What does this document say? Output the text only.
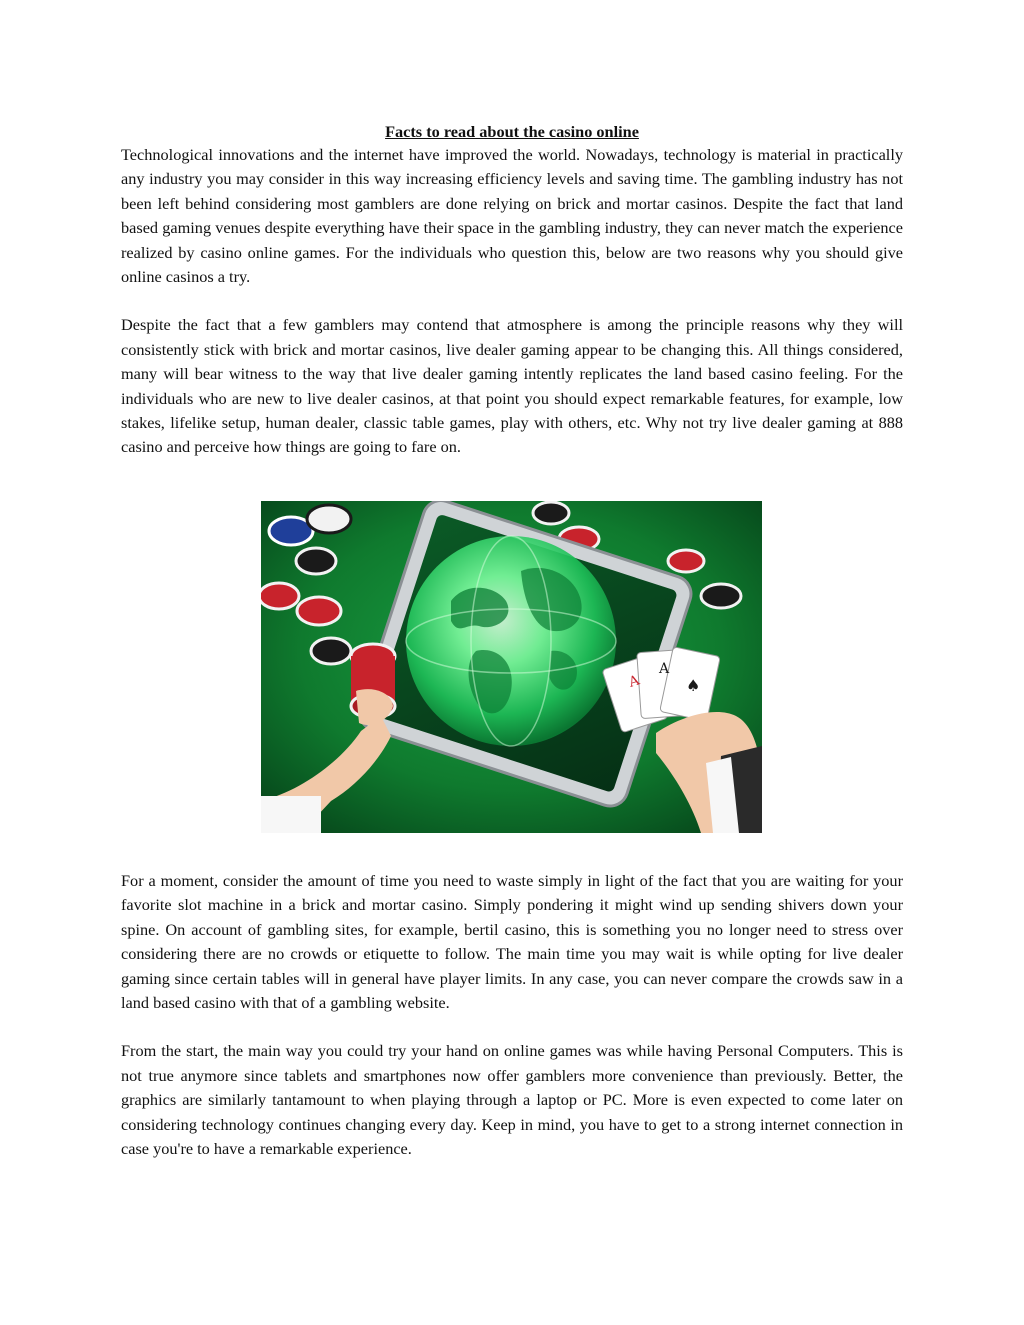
Facts to read about the casino online

Technological innovations and the internet have improved the world. Nowadays, technology is material in practically any industry you may consider in this way increasing efficiency levels and saving time. The gambling industry has not been left behind considering most gamblers are done relying on brick and mortar casinos. Despite the fact that land based gaming venues despite everything have their space in the gambling industry, they can never match the experience realized by casino online games. For the individuals who question this, below are two reasons why you should give online casinos a try.

Despite the fact that a few gamblers may contend that atmosphere is among the principle reasons why they will consistently stick with brick and mortar casinos, live dealer gaming appear to be changing this. All things considered, many will bear witness to the way that live dealer gaming intently replicates the land based casino feeling. For the individuals who are new to live dealer casinos, at that point you should expect remarkable features, for example, low stakes, lifelike setup, human dealer, classic table games, play with others, etc. Why not try live dealer gaming at 888 casino and perceive how things are going to fare on.

A
A
♠

For a moment, consider the amount of time you need to waste simply in light of the fact that you are waiting for your favorite slot machine in a brick and mortar casino. Simply pondering it might wind up sending shivers down your spine. On account of gambling sites, for example, bertil casino, this is something you no longer need to stress over considering there are no crowds or etiquette to follow. The main time you may wait is while opting for live dealer gaming since certain tables will in general have player limits. In any case, you can never compare the crowds saw in a land based casino with that of a gambling website.

From the start, the main way you could try your hand on online games was while having Personal Computers. This is not true anymore since tablets and smartphones now offer gamblers more convenience than previously. Better, the graphics are similarly tantamount to when playing through a laptop or PC. More is even expected to come later on considering technology continues changing every day. Keep in mind, you have to get to a strong internet connection in case you're to have a remarkable experience.
